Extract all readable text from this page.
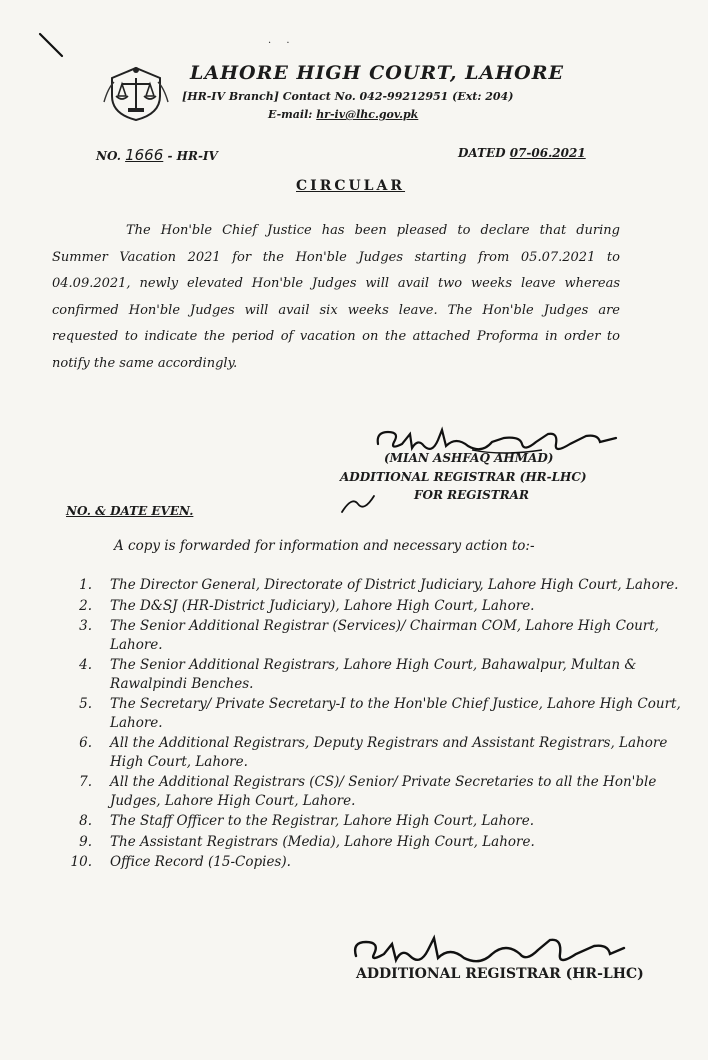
· ·
LAHORE HIGH COURT, LAHORE
[HR-IV Branch] Contact No. 042-99212951 (Ext: 204)
E-mail: hr-iv@lhc.gov.pk
NO. 1666 - HR-IV	DATED 07-06.2021
CIRCULAR
The Hon'ble Chief Justice has been pleased to declare that during Summer Vacation 2021 for the Hon'ble Judges starting from 05.07.2021 to 04.09.2021, newly elevated Hon'ble Judges will avail two weeks leave whereas confirmed Hon'ble Judges will avail six weeks leave. The Hon'ble Judges are requested to indicate the period of vacation on the attached Proforma in order to notify the same accordingly.
(MIAN ASHFAQ AHMAD)
ADDITIONAL REGISTRAR (HR-LHC)
FOR REGISTRAR
NO. & DATE EVEN.
A copy is forwarded for information and necessary action to:-
1. The Director General, Directorate of District Judiciary, Lahore High Court, Lahore.
2. The D&SJ (HR-District Judiciary), Lahore High Court, Lahore.
3. The Senior Additional Registrar (Services)/ Chairman COM, Lahore High Court, Lahore.
4. The Senior Additional Registrars, Lahore High Court, Bahawalpur, Multan & Rawalpindi Benches.
5. The Secretary/ Private Secretary-I to the Hon'ble Chief Justice, Lahore High Court, Lahore.
6. All the Additional Registrars, Deputy Registrars and Assistant Registrars, Lahore High Court, Lahore.
7. All the Additional Registrars (CS)/ Senior/ Private Secretaries to all the Hon'ble Judges, Lahore High Court, Lahore.
8. The Staff Officer to the Registrar, Lahore High Court, Lahore.
9. The Assistant Registrars (Media), Lahore High Court, Lahore.
10. Office Record (15-Copies).
ADDITIONAL REGISTRAR (HR-LHC)
